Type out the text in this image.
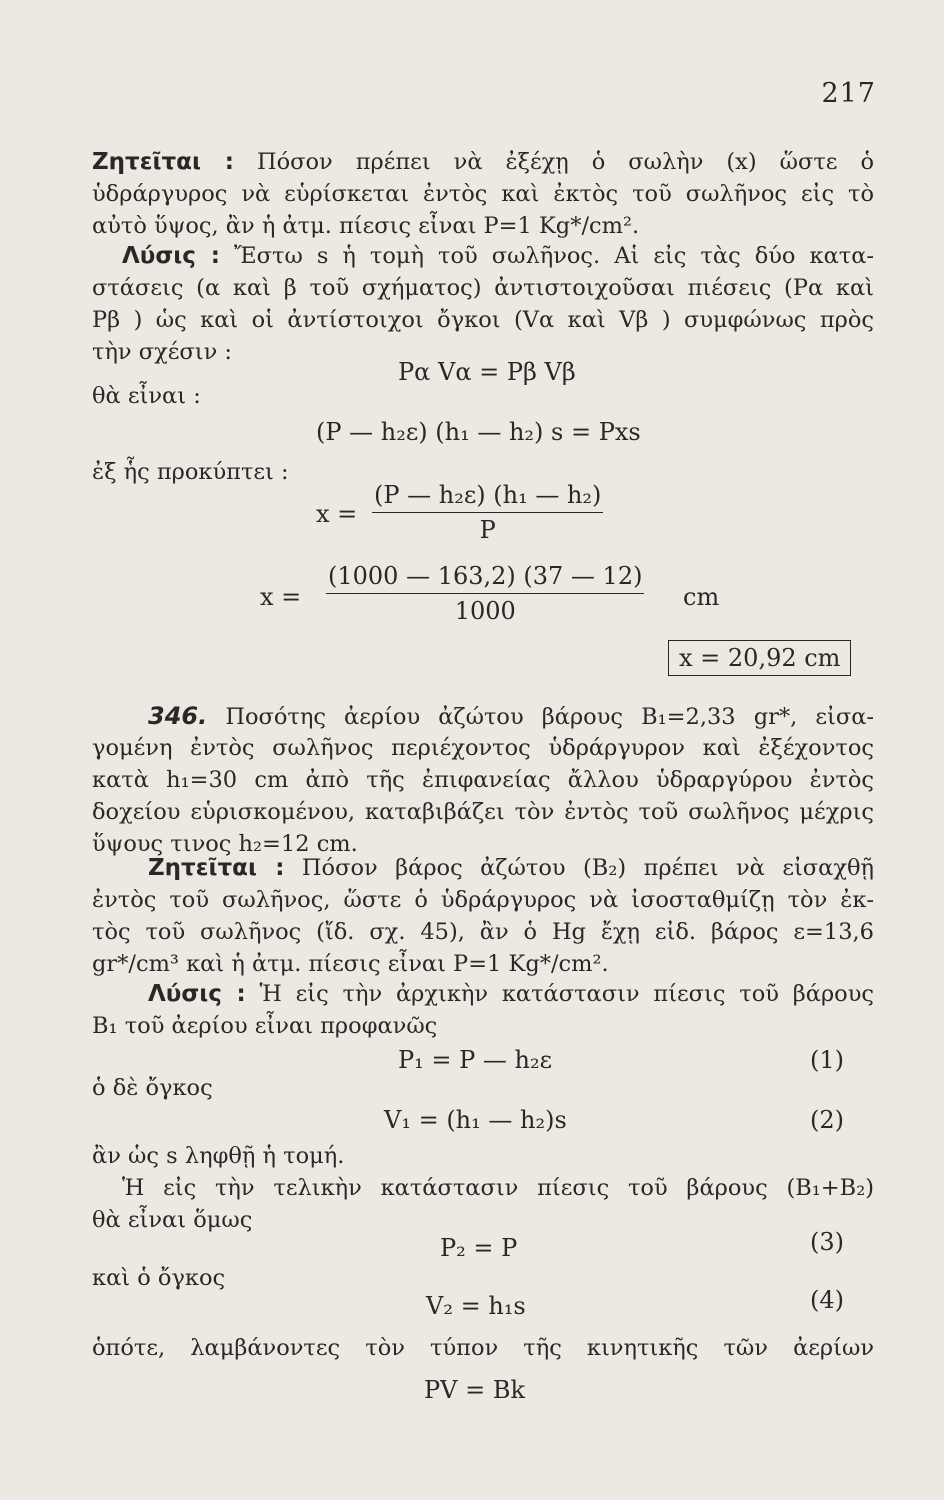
217
Ζητεῖται : Πόσον πρέπει νὰ ἐξέχῃ ὁ σωλὴν (x) ὥστε ὁ
ὑδράργυρος νὰ εὑρίσκεται ἐντὸς καὶ ἐκτὸς τοῦ σωλῆνος εἰς τὸ
αὐτὸ ὕψος, ἂν ἡ ἀτμ. πίεσις εἶναι P=1 Kg*/cm².
Λύσις : Ἔστω s ἡ τομὴ τοῦ σωλῆνος. Αἱ εἰς τὰς δύο κατα-
στάσεις (α καὶ β τοῦ σχήματος) ἀντιστοιχοῦσαι πιέσεις (Pα καὶ
Pβ ) ὡς καὶ οἱ ἀντίστοιχοι ὄγκοι (Vα καὶ Vβ ) συμφώνως πρὸς
τὴν σχέσιν :
Pα Vα = Pβ Vβ
θὰ εἶναι :
(P — h₂ε) (h₁ — h₂) s = Pxs
ἐξ ἧς προκύπτει :
$x = \frac{\text{(P — h₂ε) (h₁ — h₂)}}{P}$
$x = \frac{(1000 — 163,2) (37 — 12)}{1000}$ cm
x = 20,92 cm
346. Ποσότης ἀερίου ἀζώτου βάρους B₁=2,33 gr*, εἰσα-
γομένη ἐντὸς σωλῆνος περιέχοντος ὑδράργυρον καὶ ἐξέχοντος
κατὰ h₁=30 cm ἀπὸ τῆς ἐπιφανείας ἄλλου ὑδραργύρου ἐντὸς
δοχείου εὑρισκομένου, καταβιβάζει τὸν ἐντὸς τοῦ σωλῆνος μέχρις
ὕψους τινος h₂=12 cm.
Ζητεῖται : Πόσον βάρος ἀζώτου (B₂) πρέπει νὰ εἰσαχθῇ
ἐντὸς τοῦ σωλῆνος, ὥστε ὁ ὑδράργυρος νὰ ἰσοσταθμίζῃ τὸν ἐκ-
τὸς τοῦ σωλῆνος (ἴδ. σχ. 45), ἂν ὁ Hg ἔχῃ εἰδ. βάρος ε=13,6
gr*/cm³ καὶ ἡ ἀτμ. πίεσις εἶναι P=1 Kg*/cm².
Λύσις : Ἡ εἰς τὴν ἀρχικὴν κατάστασιν πίεσις τοῦ βάρους
B₁ τοῦ ἀερίου εἶναι προφανῶς
P₁ = P — h₂ε	(1)
ὁ δὲ ὄγκος
V₁ = (h₁ — h₂)s	(2)
ἂν ὡς s ληφθῇ ἡ τομή.
Ἡ εἰς τὴν τελικὴν κατάστασιν πίεσις τοῦ βάρους (B₁+B₂)
θὰ εἶναι ὅμως
P₂ = P	(3)
καὶ ὁ ὄγκος
V₂ = h₁s	(4)
ὁπότε, λαμβάνοντες τὸν τύπον τῆς κινητικῆς τῶν ἀερίων
PV = Bk
